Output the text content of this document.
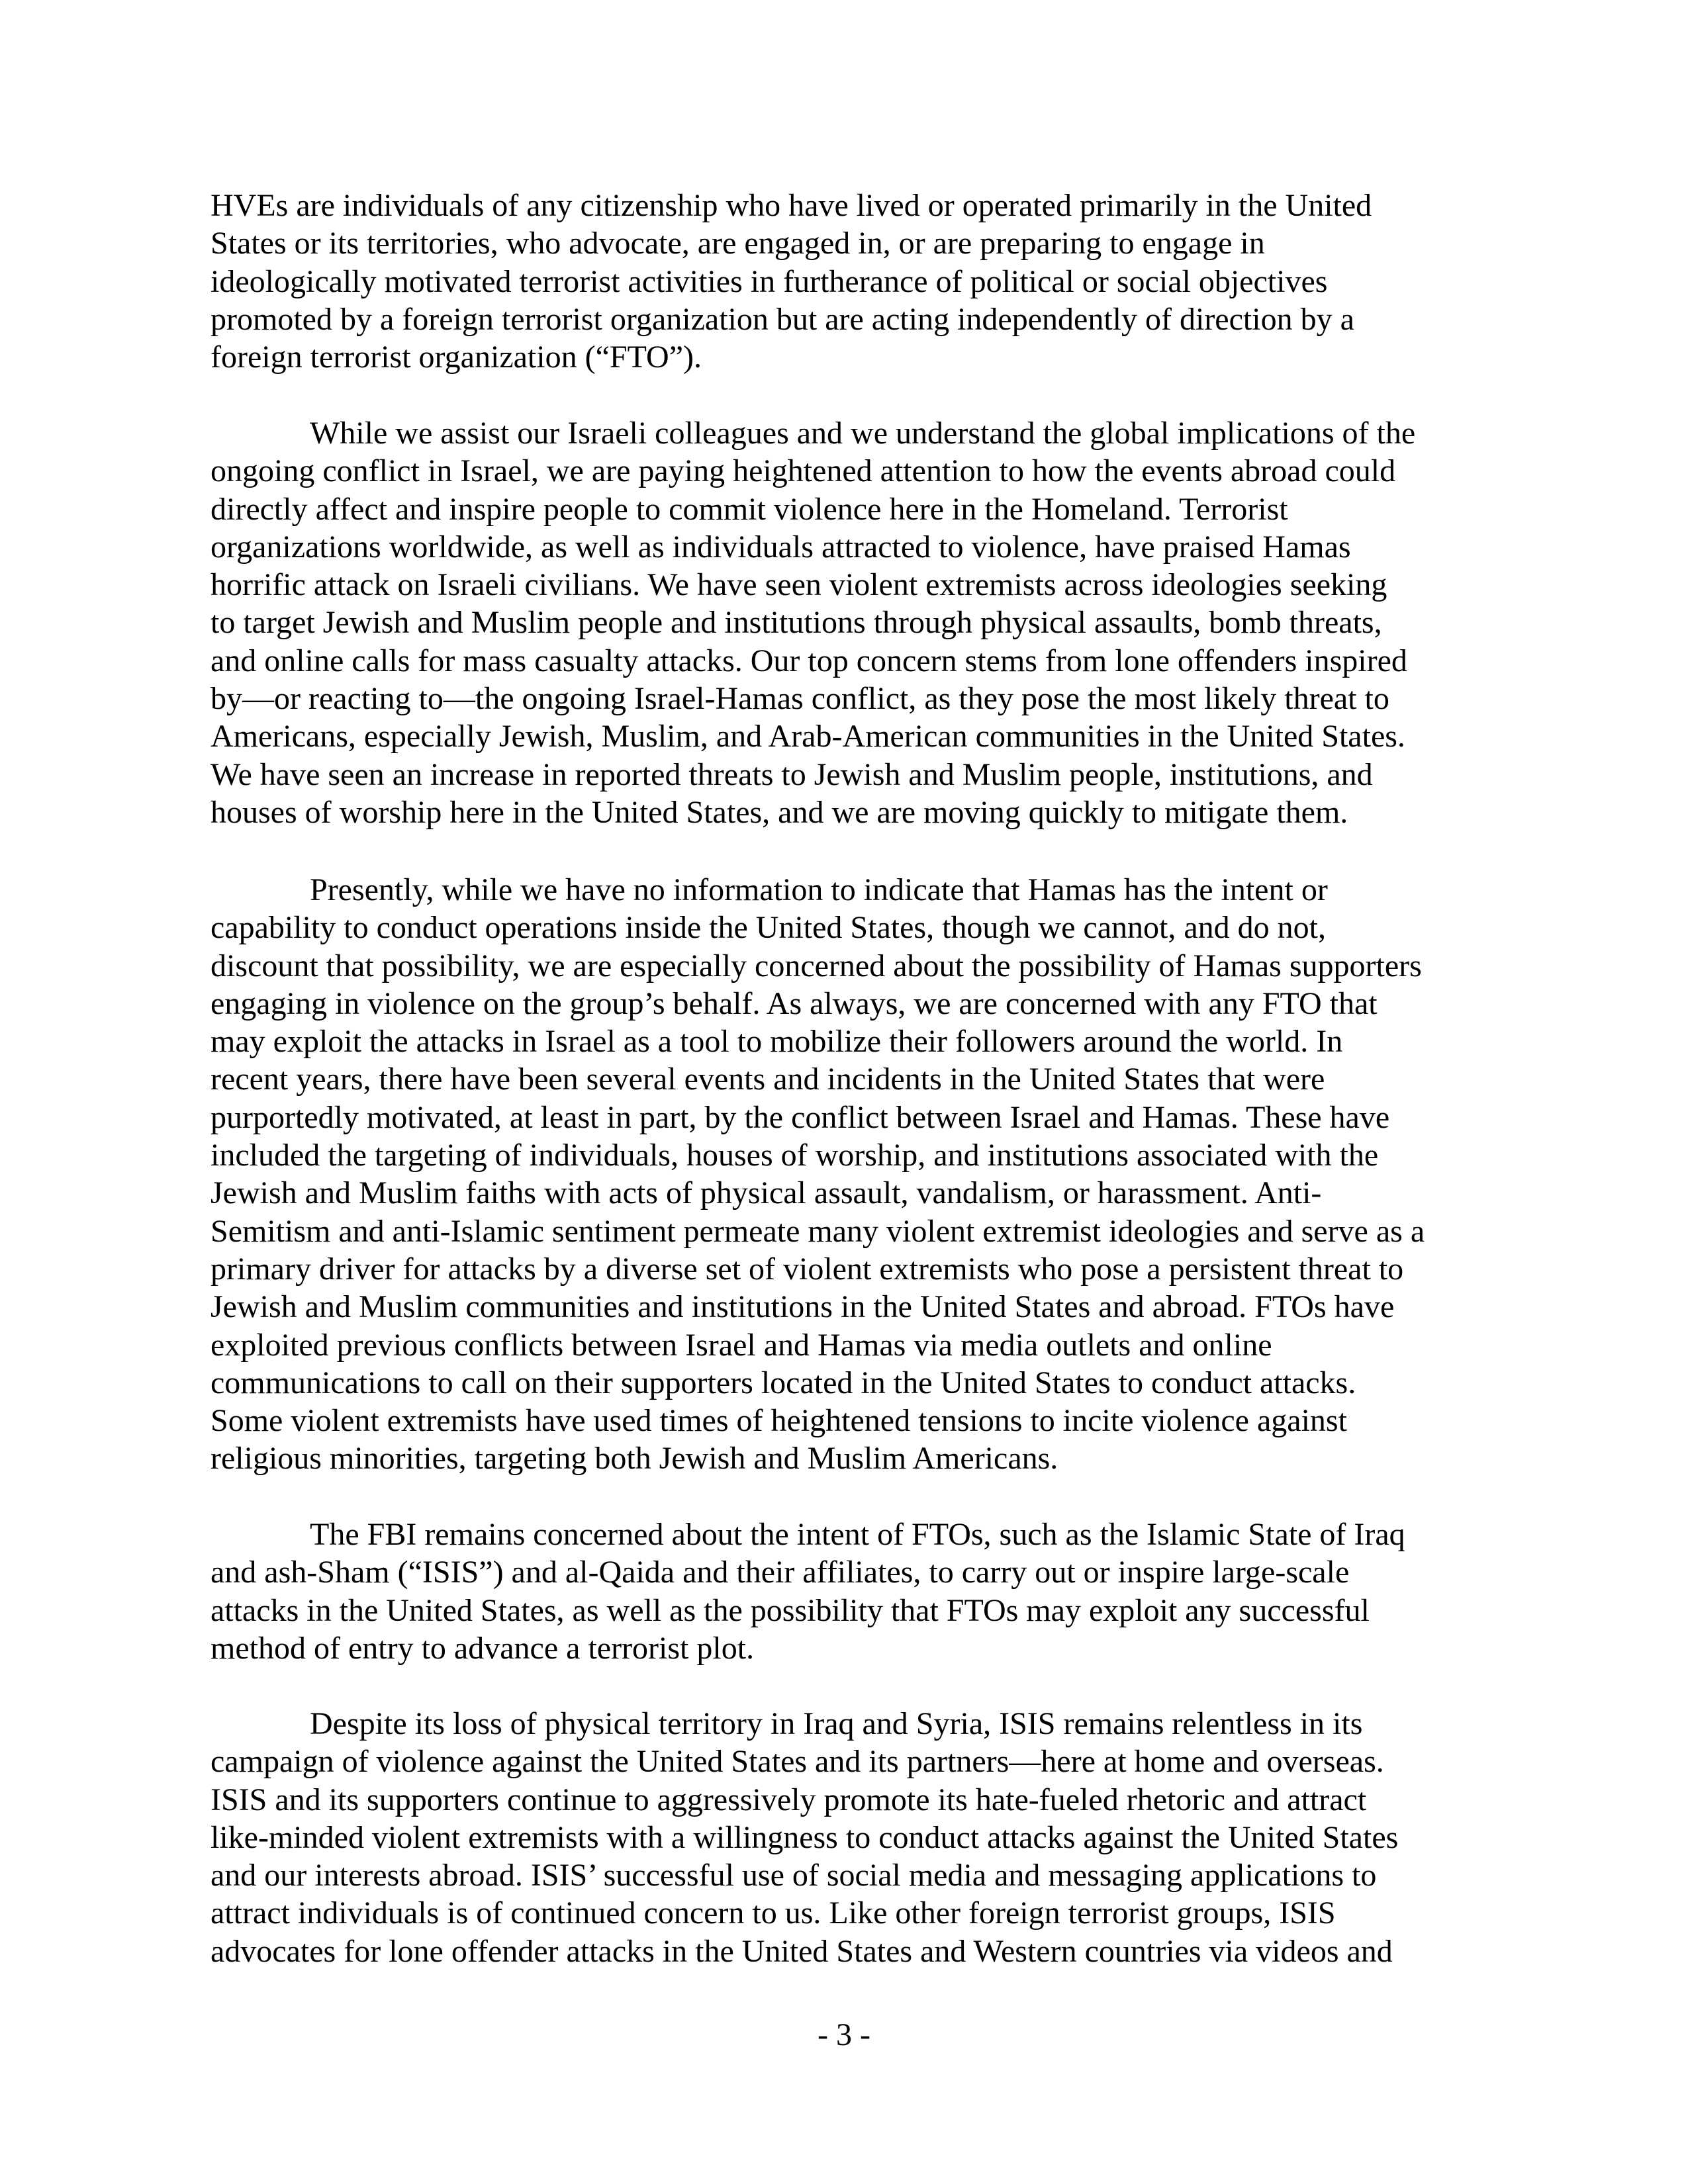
HVEs are individuals of any citizenship who have lived or operated primarily in the United
States or its territories, who advocate, are engaged in, or are preparing to engage in
ideologically motivated terrorist activities in furtherance of political or social objectives
promoted by a foreign terrorist organization but are acting independently of direction by a
foreign terrorist organization (“FTO”).
While we assist our Israeli colleagues and we understand the global implications of the
ongoing conflict in Israel, we are paying heightened attention to how the events abroad could
directly affect and inspire people to commit violence here in the Homeland. Terrorist
organizations worldwide, as well as individuals attracted to violence, have praised Hamas
horrific attack on Israeli civilians. We have seen violent extremists across ideologies seeking
to target Jewish and Muslim people and institutions through physical assaults, bomb threats,
and online calls for mass casualty attacks. Our top concern stems from lone offenders inspired
by—or reacting to—the ongoing Israel-Hamas conflict, as they pose the most likely threat to
Americans, especially Jewish, Muslim, and Arab-American communities in the United States.
We have seen an increase in reported threats to Jewish and Muslim people, institutions, and
houses of worship here in the United States, and we are moving quickly to mitigate them.
Presently, while we have no information to indicate that Hamas has the intent or
capability to conduct operations inside the United States, though we cannot, and do not,
discount that possibility, we are especially concerned about the possibility of Hamas supporters
engaging in violence on the group’s behalf. As always, we are concerned with any FTO that
may exploit the attacks in Israel as a tool to mobilize their followers around the world. In
recent years, there have been several events and incidents in the United States that were
purportedly motivated, at least in part, by the conflict between Israel and Hamas. These have
included the targeting of individuals, houses of worship, and institutions associated with the
Jewish and Muslim faiths with acts of physical assault, vandalism, or harassment. Anti-
Semitism and anti-Islamic sentiment permeate many violent extremist ideologies and serve as a
primary driver for attacks by a diverse set of violent extremists who pose a persistent threat to
Jewish and Muslim communities and institutions in the United States and abroad. FTOs have
exploited previous conflicts between Israel and Hamas via media outlets and online
communications to call on their supporters located in the United States to conduct attacks.
Some violent extremists have used times of heightened tensions to incite violence against
religious minorities, targeting both Jewish and Muslim Americans.
The FBI remains concerned about the intent of FTOs, such as the Islamic State of Iraq
and ash-Sham (“ISIS”) and al-Qaida and their affiliates, to carry out or inspire large-scale
attacks in the United States, as well as the possibility that FTOs may exploit any successful
method of entry to advance a terrorist plot.
Despite its loss of physical territory in Iraq and Syria, ISIS remains relentless in its
campaign of violence against the United States and its partners—here at home and overseas.
ISIS and its supporters continue to aggressively promote its hate-fueled rhetoric and attract
like-minded violent extremists with a willingness to conduct attacks against the United States
and our interests abroad. ISIS’ successful use of social media and messaging applications to
attract individuals is of continued concern to us. Like other foreign terrorist groups, ISIS
advocates for lone offender attacks in the United States and Western countries via videos and
- 3 -
